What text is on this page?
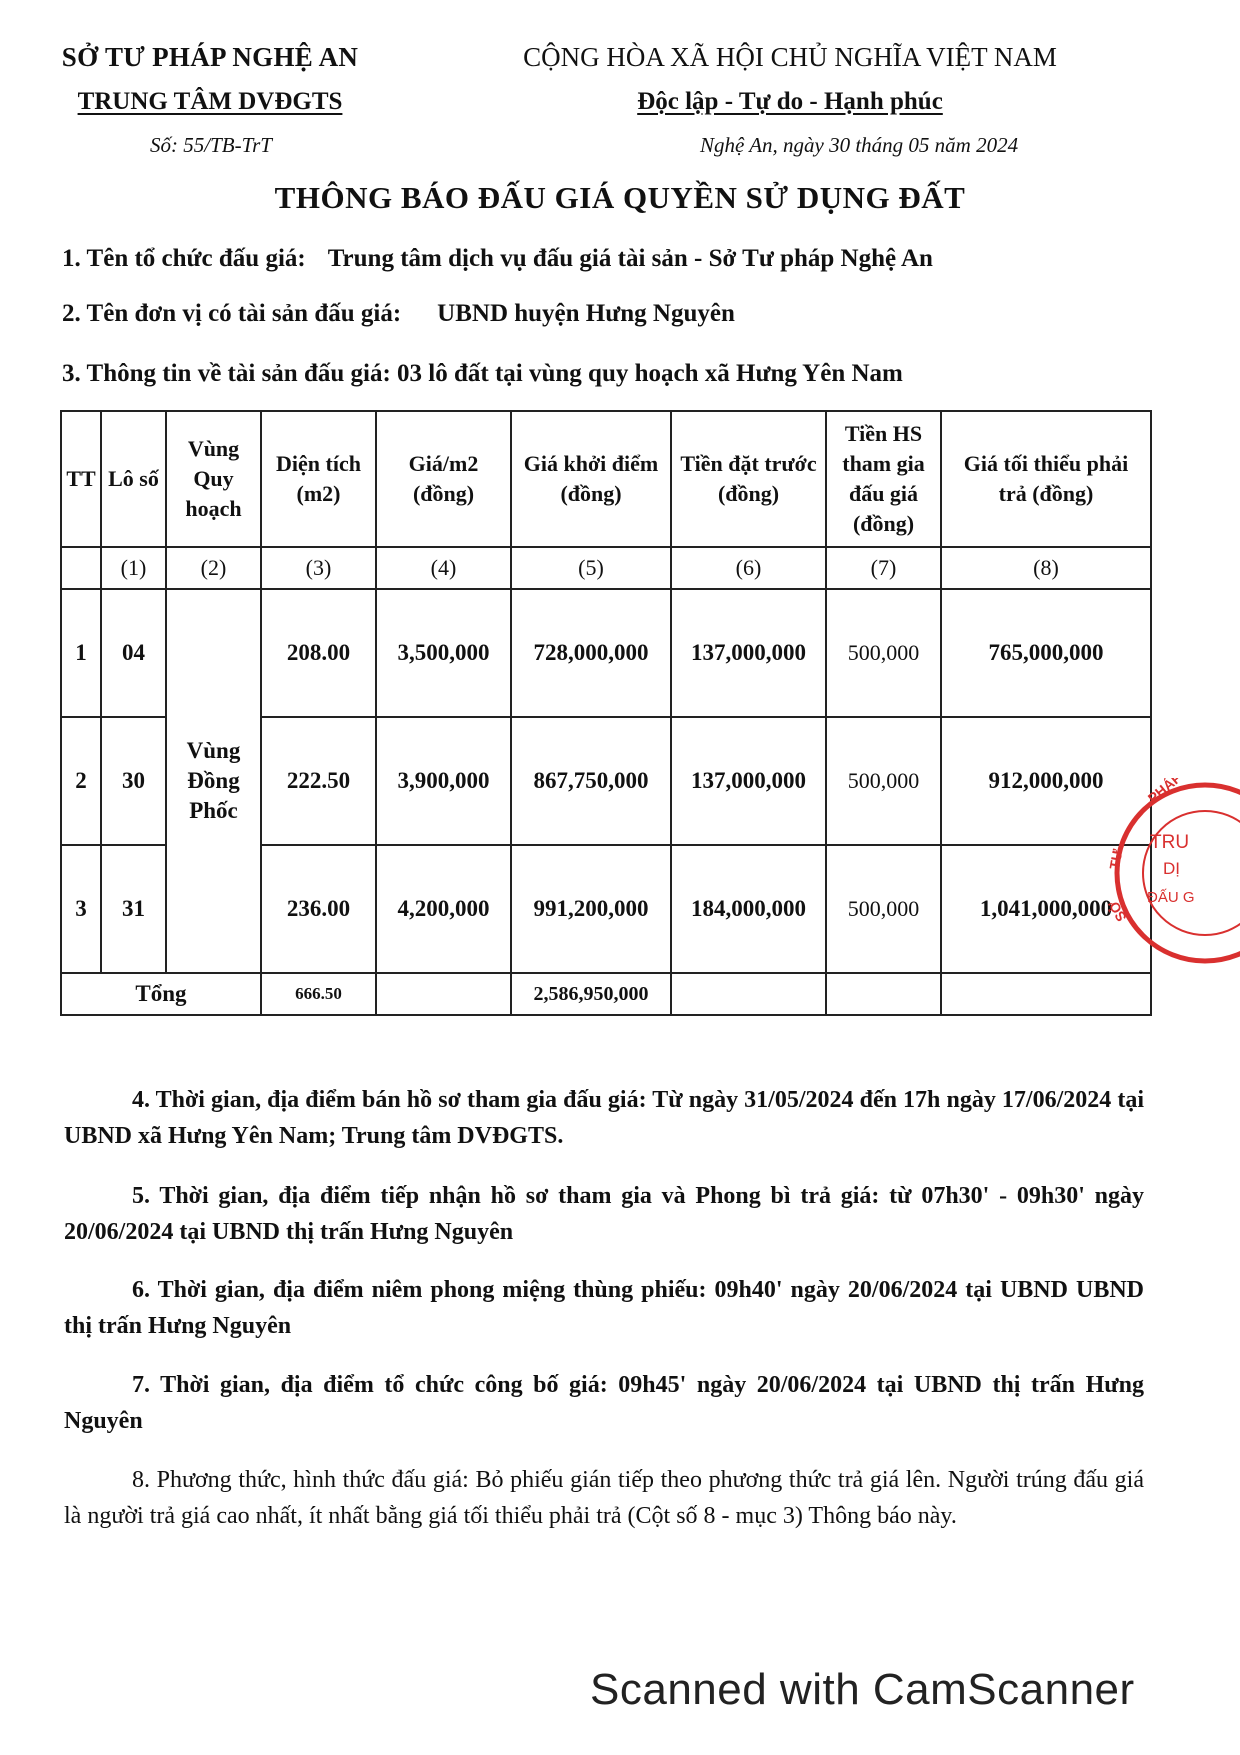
SỞ TƯ PHÁP NGHỆ AN
TRUNG TÂM DVĐGTS
Số: 55/TB-TrT
CỘNG HÒA XÃ HỘI CHỦ NGHĨA VIỆT NAM
Độc lập - Tự do - Hạnh phúc
Nghệ An, ngày 30 tháng 05 năm 2024
THÔNG BÁO ĐẤU GIÁ QUYỀN SỬ DỤNG ĐẤT
1. Tên tổ chức đấu giá: Trung tâm dịch vụ đấu giá tài sản - Sở Tư pháp Nghệ An
2. Tên đơn vị có tài sản đấu giá: UBND huyện Hưng Nguyên
3. Thông tin về tài sản đấu giá: 03 lô đất tại vùng quy hoạch xã Hưng Yên Nam
TT	Lô số	Vùng Quy hoạch	Diện tích (m2)	Giá/m2 (đồng)	Giá khởi điểm (đồng)	Tiền đặt trước (đồng)	Tiền HS tham gia đấu giá (đồng)	Giá tối thiểu phải trả (đồng)
	(1)	(2)	(3)	(4)	(5)	(6)	(7)	(8)
1	04	Vùng Đồng Phốc	208.00	3,500,000	728,000,000	137,000,000	500,000	765,000,000
2	30		222.50	3,900,000	867,750,000	137,000,000	500,000	912,000,000
3	31		236.00	4,200,000	991,200,000	184,000,000	500,000	1,041,000,000
Tổng			666.50		2,586,950,000			
PHÁP
TƯ
SỞ
TRU
DỊ
ĐẤU G
4. Thời gian, địa điểm bán hồ sơ tham gia đấu giá: Từ ngày 31/05/2024 đến 17h ngày 17/06/2024 tại UBND xã Hưng Yên Nam; Trung tâm DVĐGTS.
5. Thời gian, địa điểm tiếp nhận hồ sơ tham gia và Phong bì trả giá: từ 07h30' - 09h30' ngày 20/06/2024 tại UBND thị trấn Hưng Nguyên
6. Thời gian, địa điểm niêm phong miệng thùng phiếu: 09h40' ngày 20/06/2024 tại UBND UBND thị trấn Hưng Nguyên
7. Thời gian, địa điểm tổ chức công bố giá: 09h45' ngày 20/06/2024 tại UBND thị trấn Hưng Nguyên
8. Phương thức, hình thức đấu giá: Bỏ phiếu gián tiếp theo phương thức trả giá lên. Người trúng đấu giá là người trả giá cao nhất, ít nhất bằng giá tối thiểu phải trả (Cột số 8 - mục 3) Thông báo này.
Scanned with CamScanner
